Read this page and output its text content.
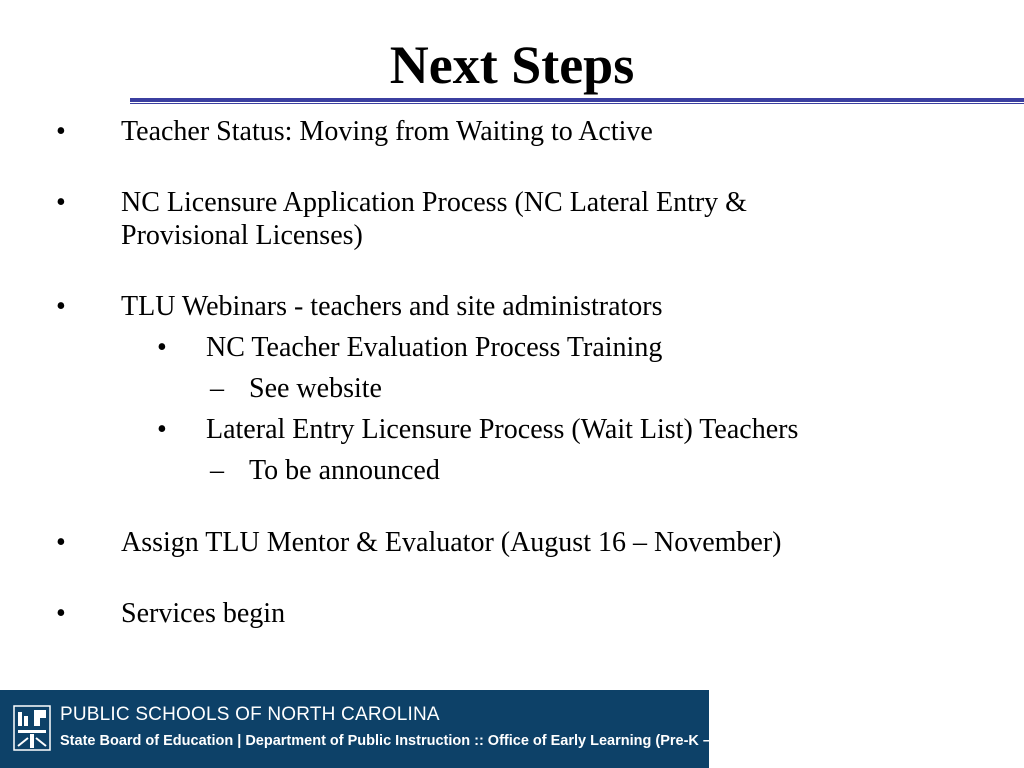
Next Steps
• Teacher Status: Moving from Waiting to Active
• NC Licensure Application Process (NC Lateral Entry &
Provisional Licenses)
• TLU Webinars - teachers and site administrators
• NC Teacher Evaluation Process Training
– See website
• Lateral Entry Licensure Process (Wait List) Teachers
– To be announced
• Assign TLU Mentor & Evaluator (August 16 – November)
• Services begin
PUBLIC SCHOOLS OF NORTH CAROLINA
State Board of Education | Department of Public Instruction :: Office of Early Learning (Pre-K – Grade 3)
